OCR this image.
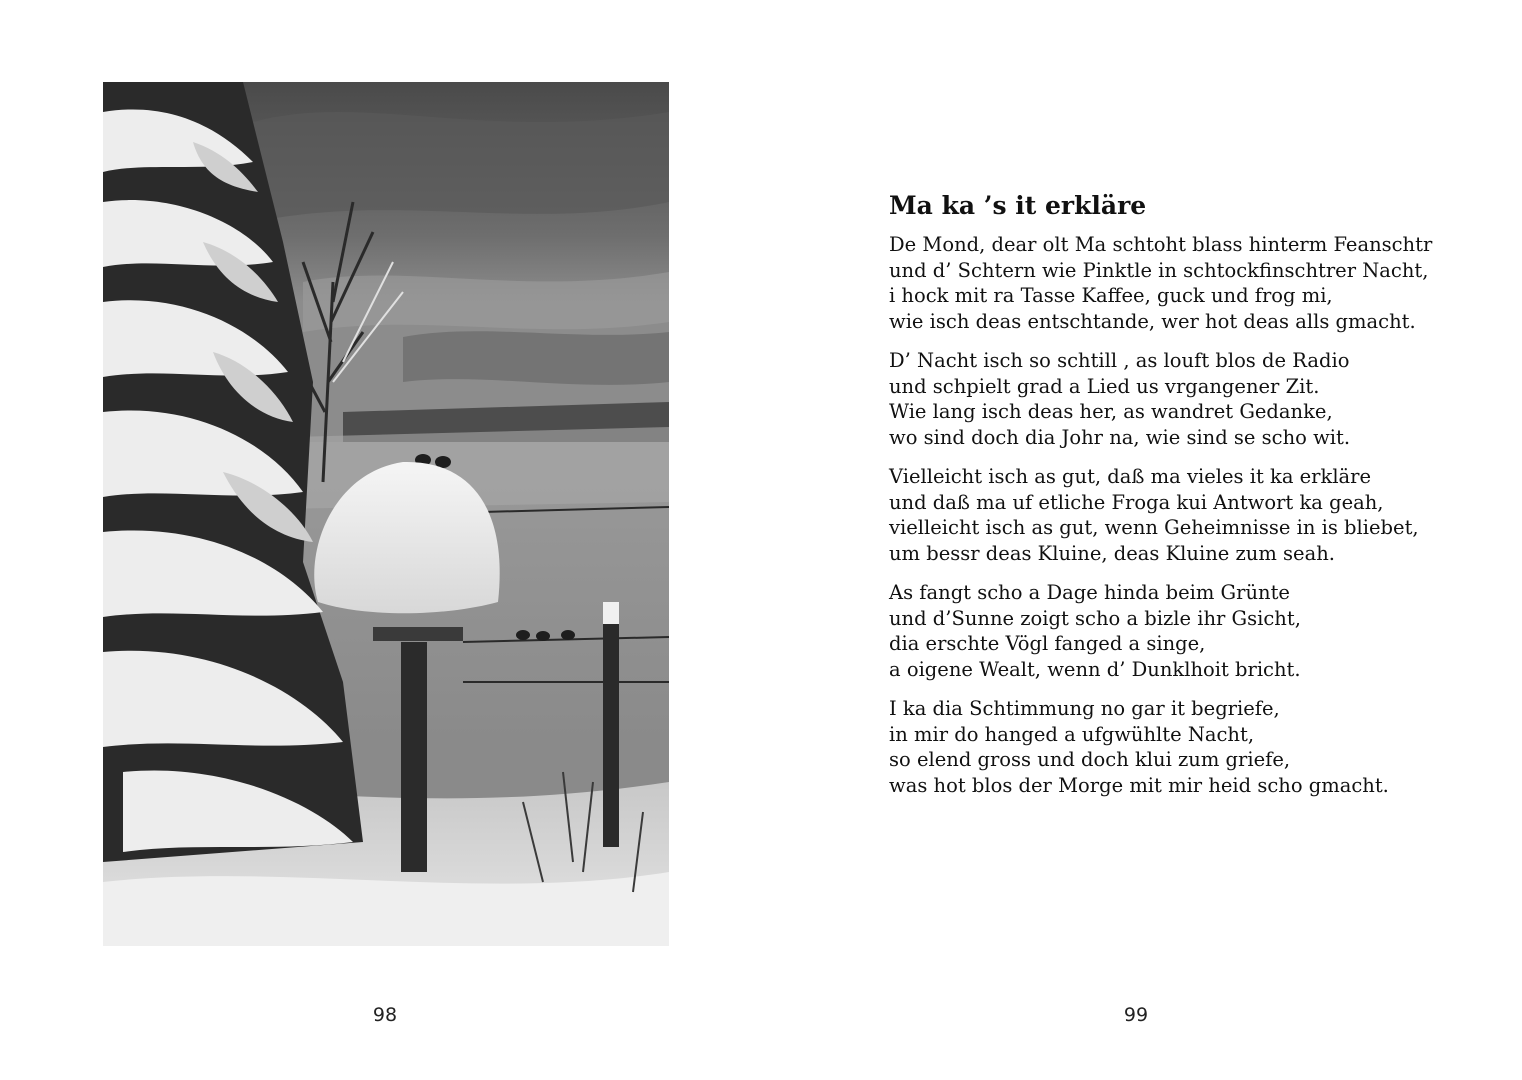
98
Ma ka ’s it erkläre
De Mond, dear olt Ma schtoht blass hinterm Feanschtr
und d’ Schtern wie Pinktle in schtockfinschtrer Nacht,
i hock mit ra Tasse Kaffee, guck und frog mi,
wie isch deas entschtande, wer hot deas alls gmacht.
D’ Nacht isch so schtill , as louft blos de Radio
und schpielt grad a Lied us vrgangener Zit.
Wie lang isch deas her, as wandret Gedanke,
wo sind doch dia Johr na, wie sind se scho wit.
Vielleicht isch as gut, daß ma vieles it ka erkläre
und daß ma uf etliche Froga kui Antwort ka geah,
vielleicht isch as gut, wenn Geheimnisse in is bliebet,
um bessr deas Kluine, deas Kluine zum seah.
As fangt scho a Dage hinda beim Grünte
und d’Sunne zoigt scho a bizle ihr Gsicht,
dia erschte Vögl fanged a singe,
a oigene Wealt, wenn d’ Dunklhoit bricht.
I ka dia Schtimmung no gar it begriefe,
in mir do hanged a ufgwühlte Nacht,
so elend gross und doch klui zum griefe,
was hot blos der Morge mit mir heid scho gmacht.
99
